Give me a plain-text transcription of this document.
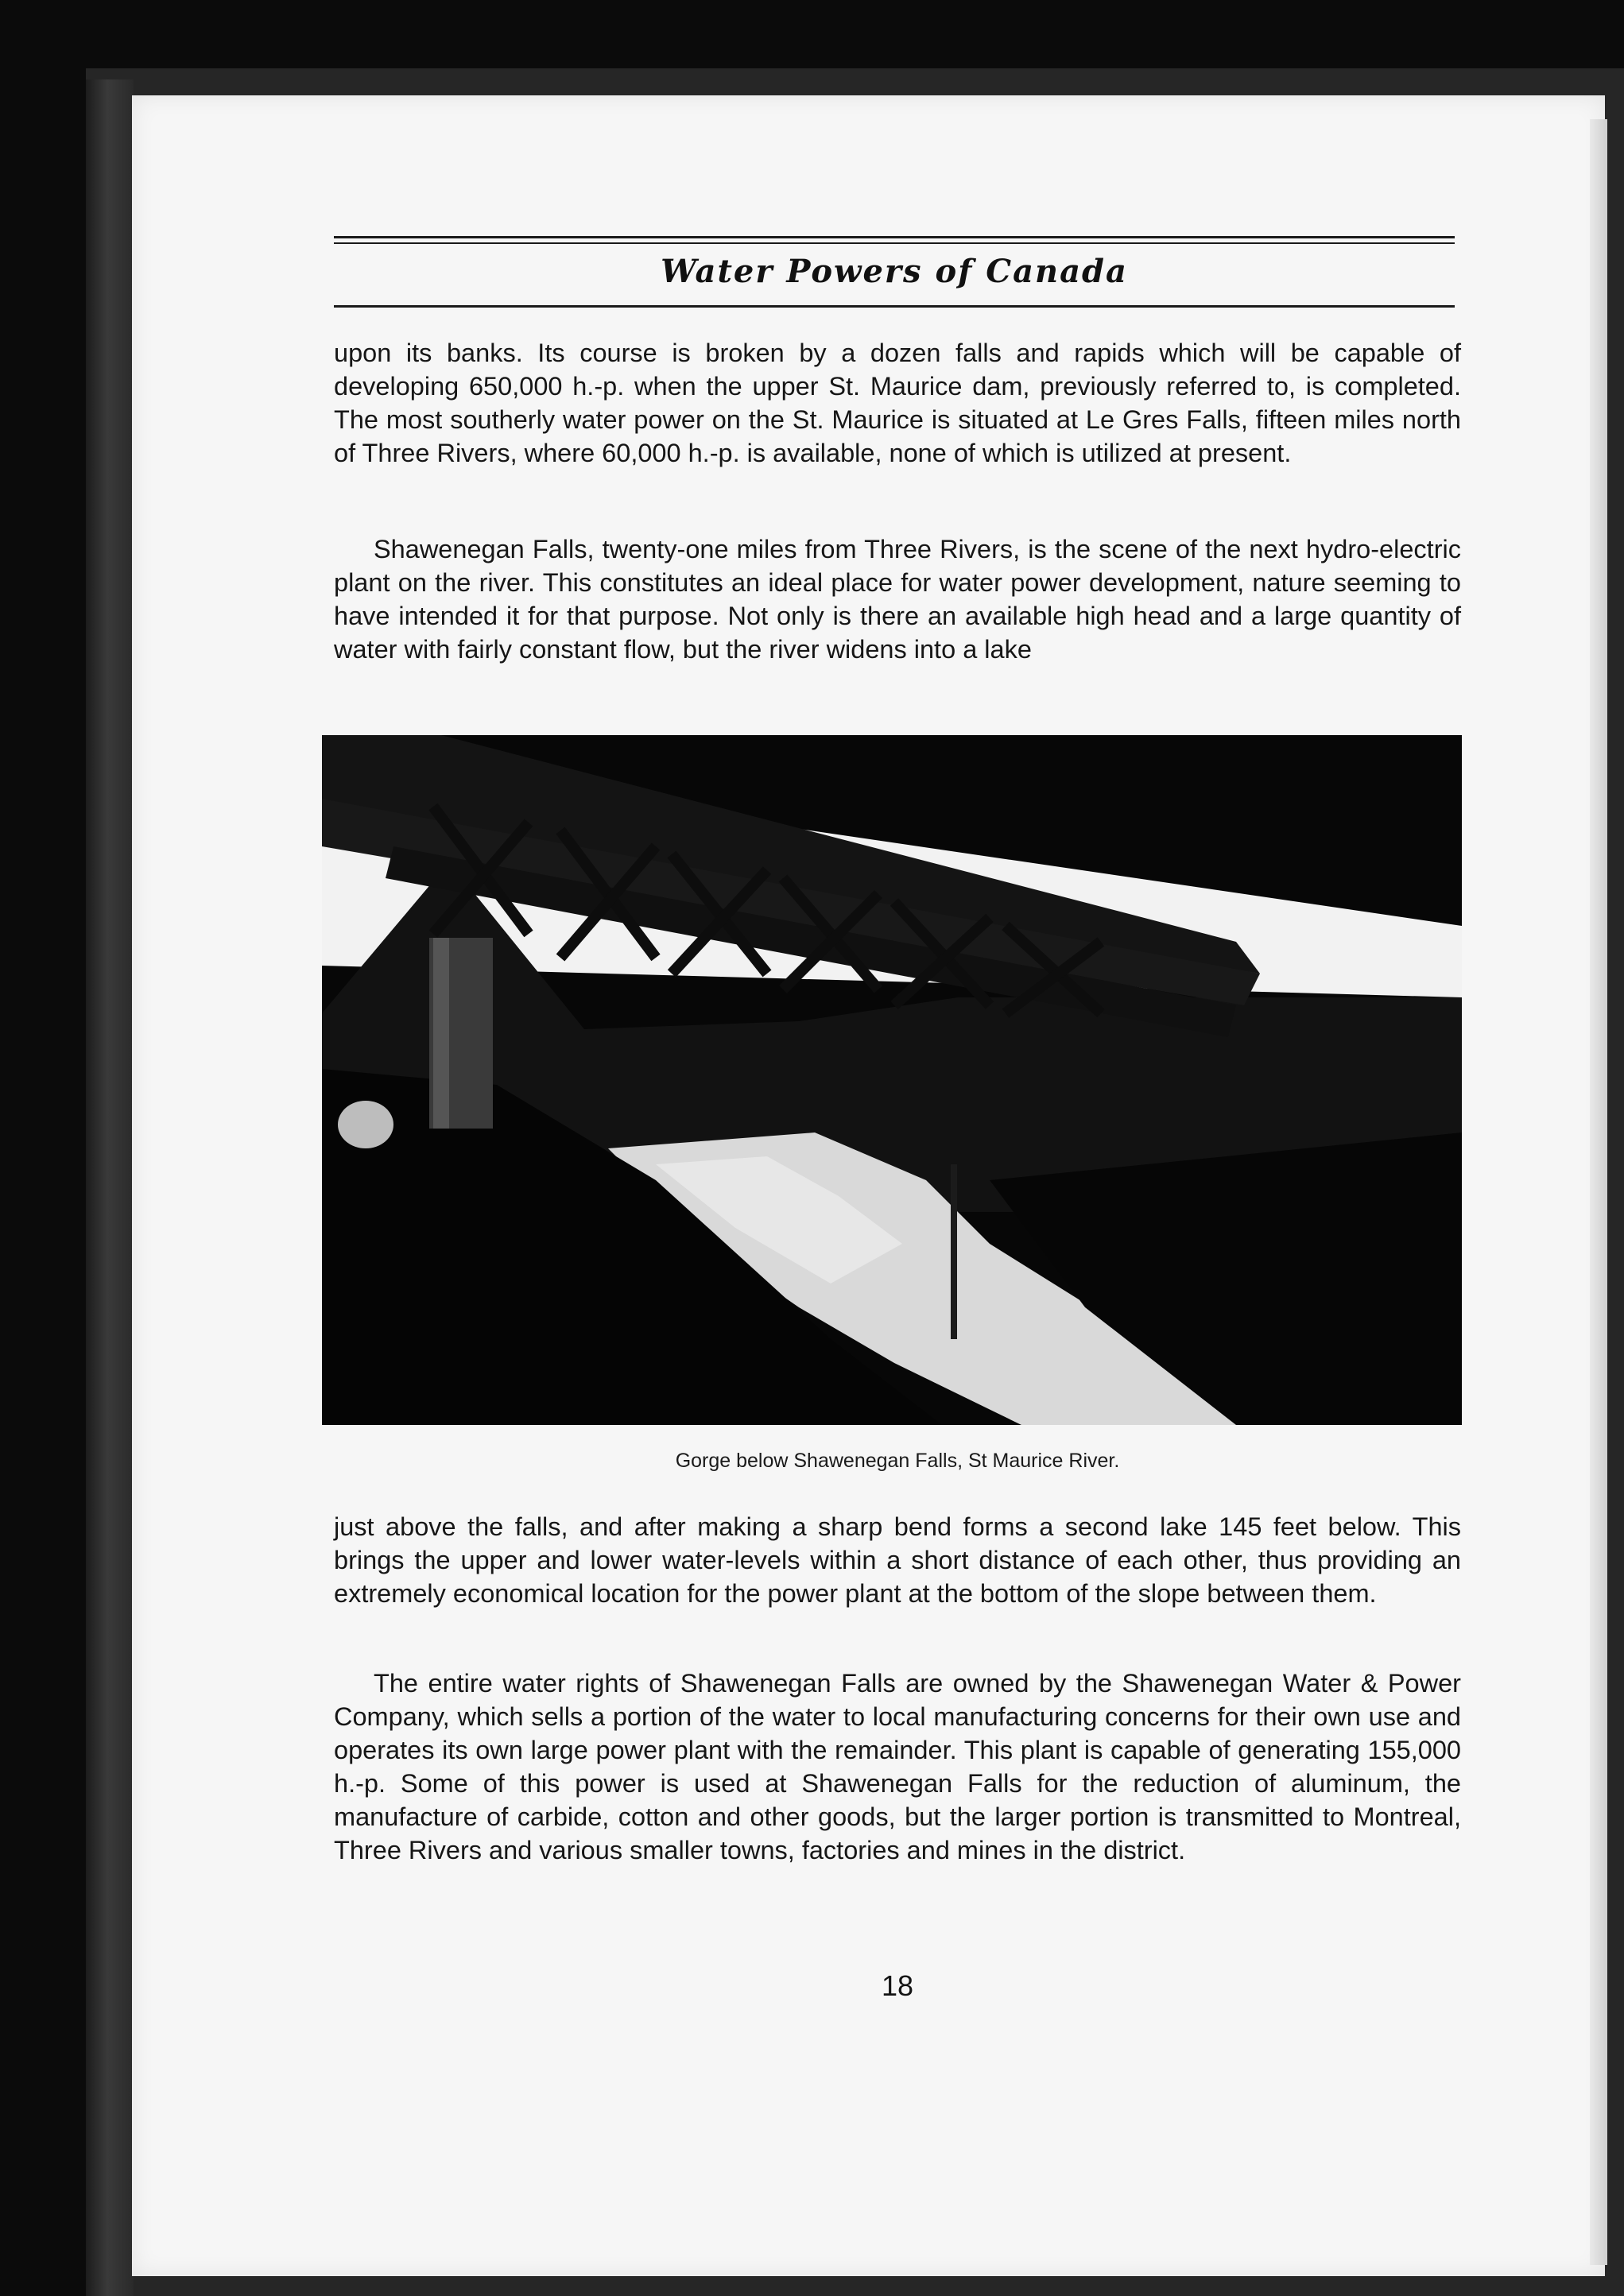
Water Powers of Canada

upon its banks. Its course is broken by a dozen falls and rapids which will be capable of developing 650,000 h.-p. when the upper St. Maurice dam, previously referred to, is completed. The most southerly water power on the St. Maurice is situated at Le Gres Falls, fifteen miles north of Three Rivers, where 60,000 h.-p. is available, none of which is utilized at present.

Shawenegan Falls, twenty-one miles from Three Rivers, is the scene of the next hydro-electric plant on the river. This constitutes an ideal place for water power development, nature seeming to have intended it for that purpose. Not only is there an available high head and a large quantity of water with fairly constant flow, but the river widens into a lake

Gorge below Shawenegan Falls, St Maurice River.

just above the falls, and after making a sharp bend forms a second lake 145 feet below. This brings the upper and lower water-levels within a short distance of each other, thus providing an extremely economical location for the power plant at the bottom of the slope between them.

The entire water rights of Shawenegan Falls are owned by the Shawenegan Water & Power Company, which sells a portion of the water to local manufacturing concerns for their own use and operates its own large power plant with the remainder. This plant is capable of generating 155,000 h.-p. Some of this power is used at Shawenegan Falls for the reduction of aluminum, the manufacture of carbide, cotton and other goods, but the larger portion is transmitted to Montreal, Three Rivers and various smaller towns, factories and mines in the district.

18
